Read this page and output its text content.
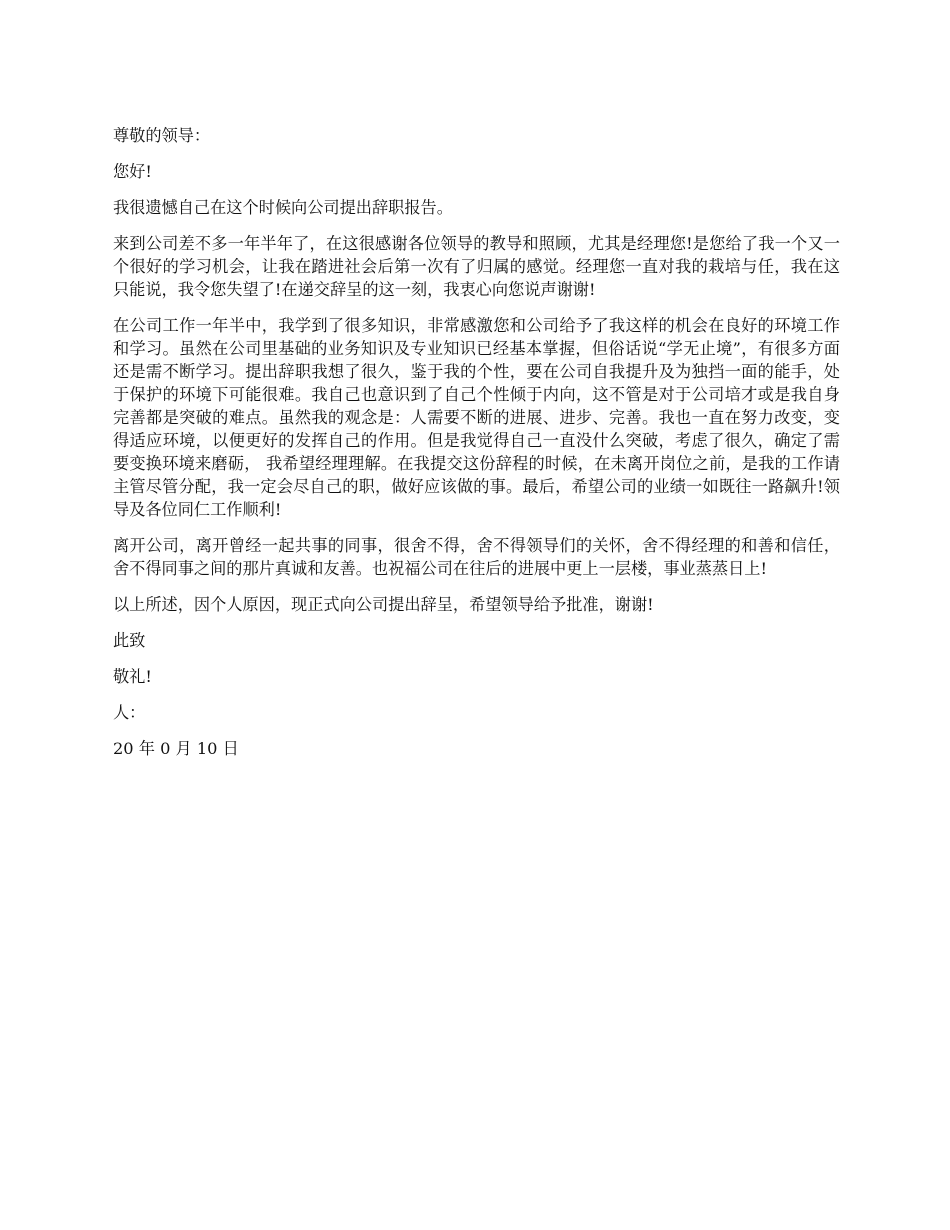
尊敬的领导：

您好!

我很遗憾自己在这个时候向公司提出辞职报告。

来到公司差不多一年半年了，在这很感谢各位领导的教导和照顾，尤其是经理您!是您给了我一个又一个很好的学习机会，让我在踏进社会后第一次有了归属的感觉。经理您一直对我的栽培与任，我在这只能说，我令您失望了!在递交辞呈的这一刻，我衷心向您说声谢谢!

在公司工作一年半中，我学到了很多知识，非常感激您和公司给予了我这样的机会在良好的环境工作和学习。虽然在公司里基础的业务知识及专业知识已经基本掌握，但俗话说“学无止境”，有很多方面还是需不断学习。提出辞职我想了很久，鉴于我的个性，要在公司自我提升及为独挡一面的能手，处于保护的环境下可能很难。我自己也意识到了自己个性倾于内向，这不管是对于公司培才或是我自身完善都是突破的难点。虽然我的观念是：人需要不断的进展、进步、完善。我也一直在努力改变，变得适应环境，以便更好的发挥自己的作用。但是我觉得自己一直没什么突破，考虑了很久，确定了需要变换环境来磨砺， 我希望经理理解。在我提交这份辞程的时候，在未离开岗位之前，是我的工作请主管尽管分配，我一定会尽自己的职，做好应该做的事。最后，希望公司的业绩一如既往一路飙升!领导及各位同仁工作顺利!

离开公司，离开曾经一起共事的同事，很舍不得，舍不得领导们的关怀，舍不得经理的和善和信任，舍不得同事之间的那片真诚和友善。也祝福公司在往后的进展中更上一层楼，事业蒸蒸日上!

以上所述，因个人原因，现正式向公司提出辞呈，希望领导给予批准，谢谢!

此致

敬礼!

人：

20 年 0 月 10 日
